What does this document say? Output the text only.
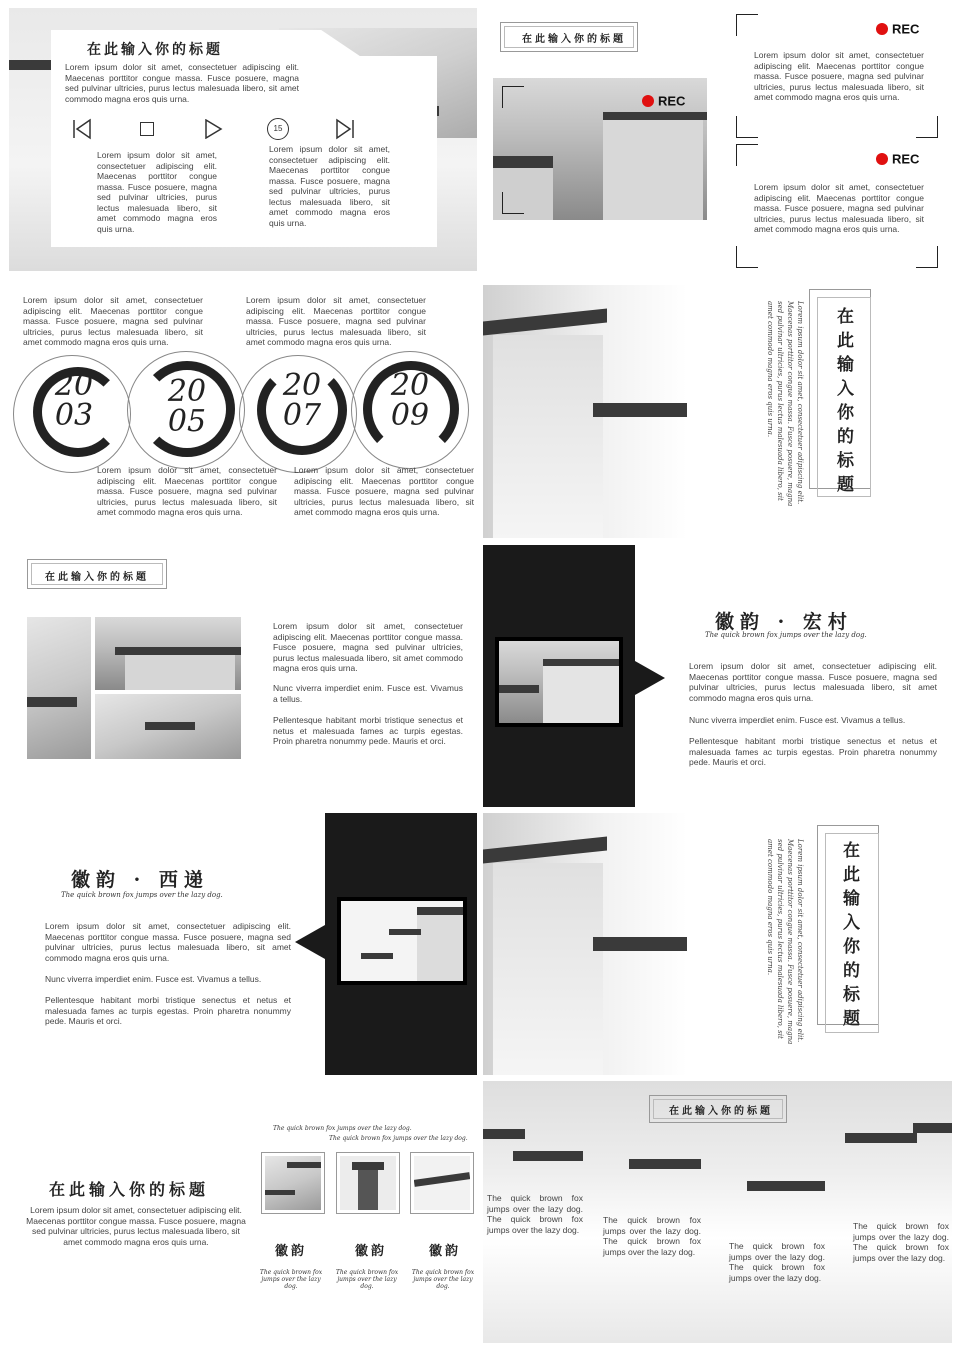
在此输入你的标题
Lorem ipsum dolor sit amet, consectetuer adipiscing elit. Maecenas porttitor congue massa. Fusce posuere, magna sed pulvinar ultricies, purus lectus malesuada libero, sit amet commodo magna eros quis urna.
15
Lorem ipsum dolor sit amet, consectetuer adipiscing elit. Maecenas porttitor congue massa. Fusce posuere, magna sed pulvinar ultricies, purus lectus malesuada libero, sit amet commodo magna eros quis urna.
Lorem ipsum dolor sit amet, consectetuer adipiscing elit. Maecenas porttitor congue massa. Fusce posuere, magna sed pulvinar ultricies, purus lectus malesuada libero, sit amet commodo magna eros quis urna.
在此输入你的标题
REC
REC
Lorem ipsum dolor sit amet, consectetuer adipiscing elit. Maecenas porttitor congue massa. Fusce posuere, magna sed pulvinar ultricies, purus lectus malesuada libero, sit amet commodo magna eros quis urna.
REC
Lorem ipsum dolor sit amet, consectetuer adipiscing elit. Maecenas porttitor congue massa. Fusce posuere, magna sed pulvinar ultricies, purus lectus malesuada libero, sit amet commodo magna eros quis urna.
Lorem ipsum dolor sit amet, consectetuer adipiscing elit. Maecenas porttitor congue massa. Fusce posuere, magna sed pulvinar ultricies, purus lectus malesuada libero, sit amet commodo magna eros quis urna.
Lorem ipsum dolor sit amet, consectetuer adipiscing elit. Maecenas porttitor congue massa. Fusce posuere, magna sed pulvinar ultricies, purus lectus malesuada libero, sit amet commodo magna eros quis urna.
20
03
20
05
20
07
20
09
Lorem ipsum dolor sit amet, consectetuer adipiscing elit. Maecenas porttitor congue massa. Fusce posuere, magna sed pulvinar ultricies, purus lectus malesuada libero, sit amet commodo magna eros quis urna.
Lorem ipsum dolor sit amet, consectetuer adipiscing elit. Maecenas porttitor congue massa. Fusce posuere, magna sed pulvinar ultricies, purus lectus malesuada libero, sit amet commodo magna eros quis urna.
Lorem ipsum dolor sit amet, consectetuer adipiscing elit. Maecenas porttitor congue massa. Fusce posuere, magna sed pulvinar ultricies, purus lectus malesuada libero, sit amet commodo magna eros quis urna.	在此输入你的标题
在此输入你的标题
Lorem ipsum dolor sit amet, consectetuer adipiscing elit. Maecenas porttitor congue massa. Fusce posuere, magna sed pulvinar ultricies, purus lectus malesuada libero, sit amet commodo magna eros quis urna.
Nunc viverra imperdiet enim. Fusce est. Vivamus a tellus.
Pellentesque habitant morbi tristique senectus et netus et malesuada fames ac turpis egestas. Proin pharetra nonummy pede. Mauris et orci.
徽韵 · 宏村
The quick brown fox jumps over the lazy dog.
Lorem ipsum dolor sit amet, consectetuer adipiscing elit. Maecenas porttitor congue massa. Fusce posuere, magna sed pulvinar ultricies, purus lectus malesuada libero, sit amet commodo magna eros quis urna.
Nunc viverra imperdiet enim. Fusce est. Vivamus a tellus.
Pellentesque habitant morbi tristique senectus et netus et malesuada fames ac turpis egestas. Proin pharetra nonummy pede. Mauris et orci.
徽韵 · 西递
The quick brown fox jumps over the lazy dog.
Lorem ipsum dolor sit amet, consectetuer adipiscing elit. Maecenas porttitor congue massa. Fusce posuere, magna sed pulvinar ultricies, purus lectus malesuada libero, sit amet commodo magna eros quis urna.
Nunc viverra imperdiet enim. Fusce est. Vivamus a tellus.
Pellentesque habitant morbi tristique senectus et netus et malesuada fames ac turpis egestas. Proin pharetra nonummy pede. Mauris et orci.	Lorem ipsum dolor sit amet, consectetuer adipiscing elit. Maecenas porttitor congue massa. Fusce posuere, magna sed pulvinar ultricies, purus lectus malesuada libero, sit amet commodo magna eros quis urna.	在此输入你的标题
在此输入你的标题
Lorem ipsum dolor sit amet, consectetuer adipiscing elit. Maecenas porttitor congue massa. Fusce posuere, magna sed pulvinar ultricies, purus lectus malesuada libero, sit amet commodo magna eros quis urna.
The quick brown fox jumps over the lazy dog.
The quick brown fox jumps over the lazy dog.
徽韵	徽韵	徽韵
The quick brown fox jumps over the lazy dog.
The quick brown fox jumps over the lazy dog.
The quick brown fox jumps over the lazy dog.
在此输入你的标题
The quick brown fox jumps over the lazy dog. The quick brown fox jumps over the lazy dog.
The quick brown fox jumps over the lazy dog. The quick brown fox jumps over the lazy dog.
The quick brown fox jumps over the lazy dog. The quick brown fox jumps over the lazy dog.
The quick brown fox jumps over the lazy dog. The quick brown fox jumps over the lazy dog.
